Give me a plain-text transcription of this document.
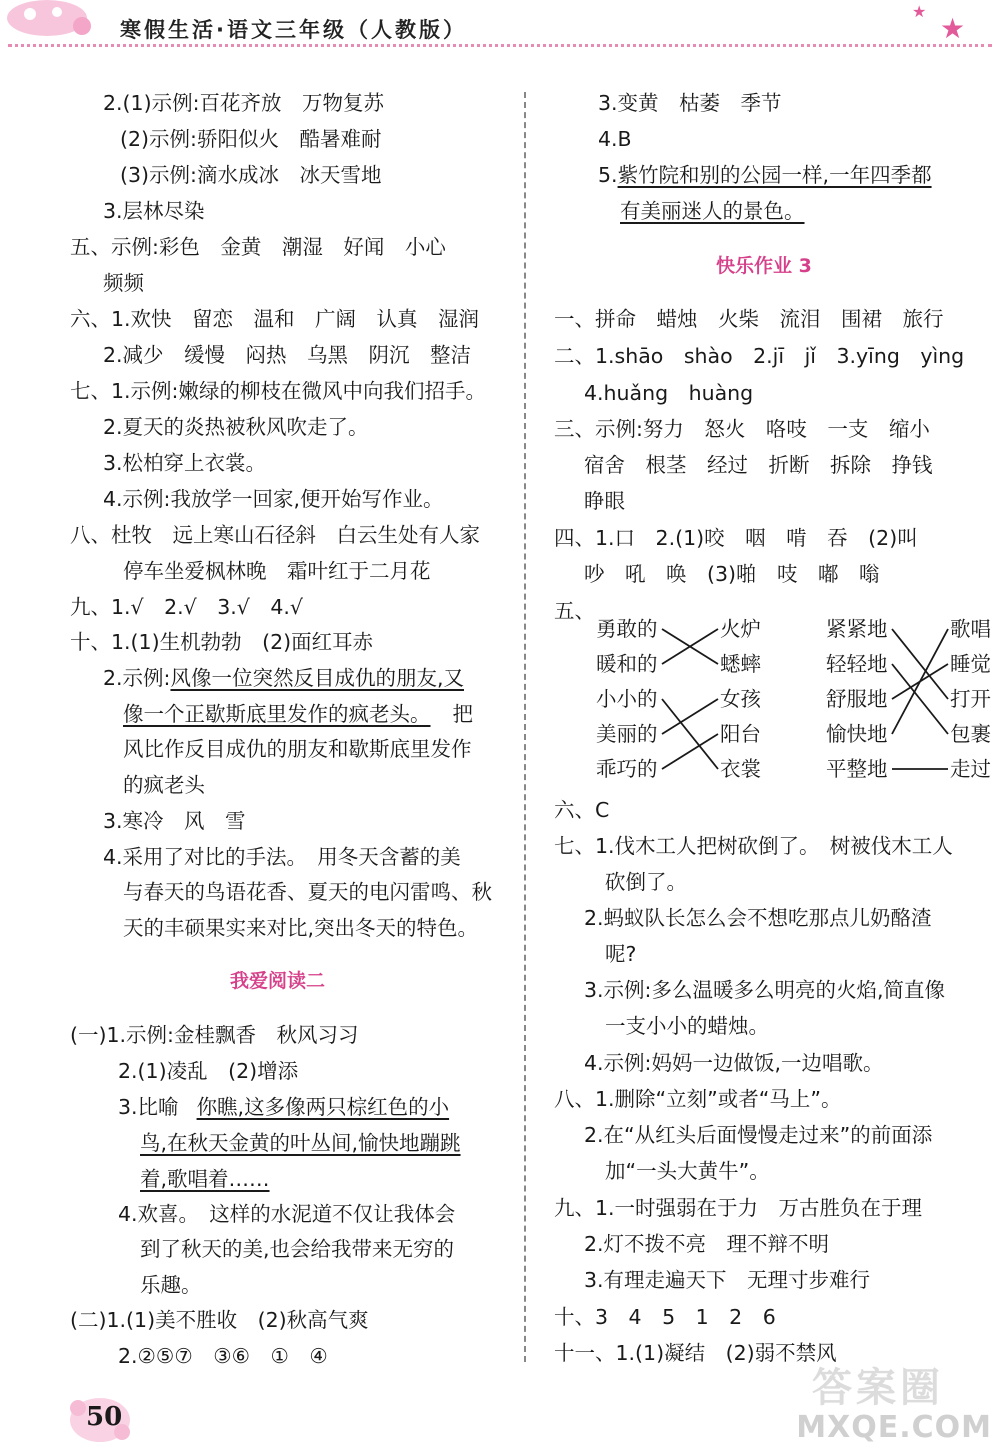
寒假生活·语文三年级（人教版）
★
★
2.(1)示例:百花齐放　万物复苏
(2)示例:骄阳似火　酷暑难耐
(3)示例:滴水成冰　冰天雪地
3.层林尽染
五、示例:彩色　金黄　潮湿　好闻　小心
频频
六、1.欢快　留恋　温和　广阔　认真　湿润
2.减少　缓慢　闷热　乌黑　阴沉　整洁
七、1.示例:嫩绿的柳枝在微风中向我们招手。
2.夏天的炎热被秋风吹走了。
3.松柏穿上衣裳。
4.示例:我放学一回家,便开始写作业。
八、杜牧　远上寒山石径斜　白云生处有人家
停车坐爱枫林晚　霜叶红于二月花
九、1.√　2.√　3.√　4.√
十、1.(1)生机勃勃　(2)面红耳赤
2.示例:风像一位突然反目成仇的朋友,又
像一个正歇斯底里发作的疯老头。 把
风比作反目成仇的朋友和歇斯底里发作
的疯老头
3.寒冷　风　雪
4.采用了对比的手法。　用冬天含蓄的美
与春天的鸟语花香、夏天的电闪雷鸣、秋
天的丰硕果实来对比,突出冬天的特色。
我爱阅读二
(一)1.示例:金桂飘香　秋风习习
2.(1)凌乱　(2)增添
3.比喻 你瞧,这多像两只棕红色的小
鸟,在秋天金黄的叶丛间,愉快地蹦跳
着,歌唱着……
4.欢喜。　这样的水泥道不仅让我体会
到了秋天的美,也会给我带来无穷的
乐趣。
(二)1.(1)美不胜收　(2)秋高气爽
2.②⑤⑦　③⑥　①　④
3.变黄　枯萎　季节
4.B
5.紫竹院和别的公园一样,一年四季都
有美丽迷人的景色。
快乐作业 3
一、拼命　蜡烛　火柴　流泪　围裙　旅行
二、1.shāo　shào　2.jī　jǐ　3.yīng　yìng
4.huǎng　huàng
三、示例:努力　怒火　咯吱　一支　缩小
宿舍　根茎　经过　折断　拆除　挣钱
睁眼
四、1.口　2.(1)咬　咽　啃　吞　(2)叫
吵　吼　唤　(3)啪　吱　嘟　嗡
五、
勇敢的
暖和的
小小的
美丽的
乖巧的
火炉
蟋蟀
女孩
阳台
衣裳
紧紧地
轻轻地
舒服地
愉快地
平整地
歌唱
睡觉
打开
包裹
走过
六、C
七、1.伐木工人把树砍倒了。　树被伐木工人
砍倒了。
2.蚂蚁队长怎么会不想吃那点儿奶酪渣
呢?
3.示例:多么温暖多么明亮的火焰,简直像
一支小小的蜡烛。
4.示例:妈妈一边做饭,一边唱歌。
八、1.删除“立刻”或者“马上”。
2.在“从红头后面慢慢走过来”的前面添
加“一头大黄牛”。
九、1.一时强弱在于力　万古胜负在于理
2.灯不拨不亮　理不辩不明
3.有理走遍天下　无理寸步难行
十、3　4　5　1　2　6
十一、1.(1)凝结　(2)弱不禁风
50
答案圈
MXQE.COM
